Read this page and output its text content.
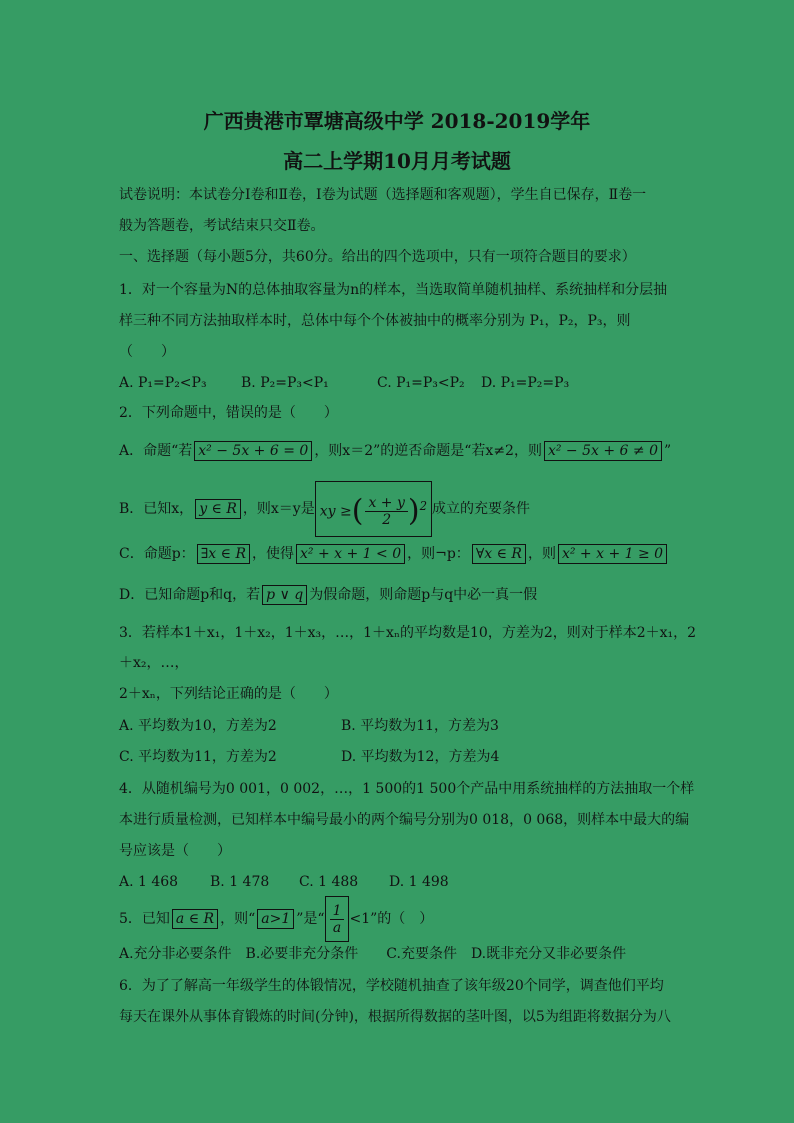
广西贵港市覃塘高级中学 2018-2019学年
高二上学期10月月考试题
试卷说明：本试卷分Ⅰ卷和Ⅱ卷，Ⅰ卷为试题（选择题和客观题），学生自已保存，Ⅱ卷一
般为答题卷，考试结束只交Ⅱ卷。
一、选择题（每小题5分，共60分。给出的四个选项中，只有一项符合题目的要求）
1．对一个容量为N的总体抽取容量为n的样本，当选取简单随机抽样、系统抽样和分层抽
样三种不同方法抽取样本时，总体中每个个体被抽中的概率分别为 P₁，P₂，P₃，则
（　　）
A. P₁=P₂<P₃ B. P₂=P₃<P₁	C. P₁=P₃<P₂ D. P₁=P₂=P₃
2．下列命题中，错误的是（　　）
A．命题“若 x² − 5x + 6 = 0 ，则x＝2”的逆否命题是“若x≠2，则 x² − 5x + 6 ≠ 0 ”
B．已知x， y ∈ R ，则x＝y是 xy ≥( $\frac{x + y}{2} )^2$ 成立的充要条件
C．命题p： ∃x ∈ R ，使得 x² + x + 1 < 0 ，则¬p： ∀x ∈ R ，则 x² + x + 1 ≥ 0
D．已知命题p和q，若 p ∨ q 为假命题，则命题p与q中必一真一假
3．若样本1＋x₁，1＋x₂，1＋x₃，…，1＋xₙ的平均数是10，方差为2，则对于样本2＋x₁，2
＋x₂，…，
2＋xₙ，下列结论正确的是（　　）
A. 平均数为10，方差为2	B. 平均数为11，方差为3
C. 平均数为11，方差为2	D. 平均数为12，方差为4
4．从随机编号为0 001，0 002，…，1 500的1 500个产品中用系统抽样的方法抽取一个样
本进行质量检测，已知样本中编号最小的两个编号分别为0 018，0 068，则样本中最大的编
号应该是（　　）
A. 1 468 B. 1 478 C. 1 488 D. 1 498
5．已知 a ∈ R ，则“ a>1 ”是“ $\frac{1}{a} <1$”的（　）
A.充分非必要条件　B.必要非充分条件　　C.充要条件　D.既非充分又非必要条件
6．为了了解高一年级学生的体锻情况，学校随机抽查了该年级20个同学，调查他们平均
每天在课外从事体育锻炼的时间(分钟)，根据所得数据的茎叶图，以5为组距将数据分为八
